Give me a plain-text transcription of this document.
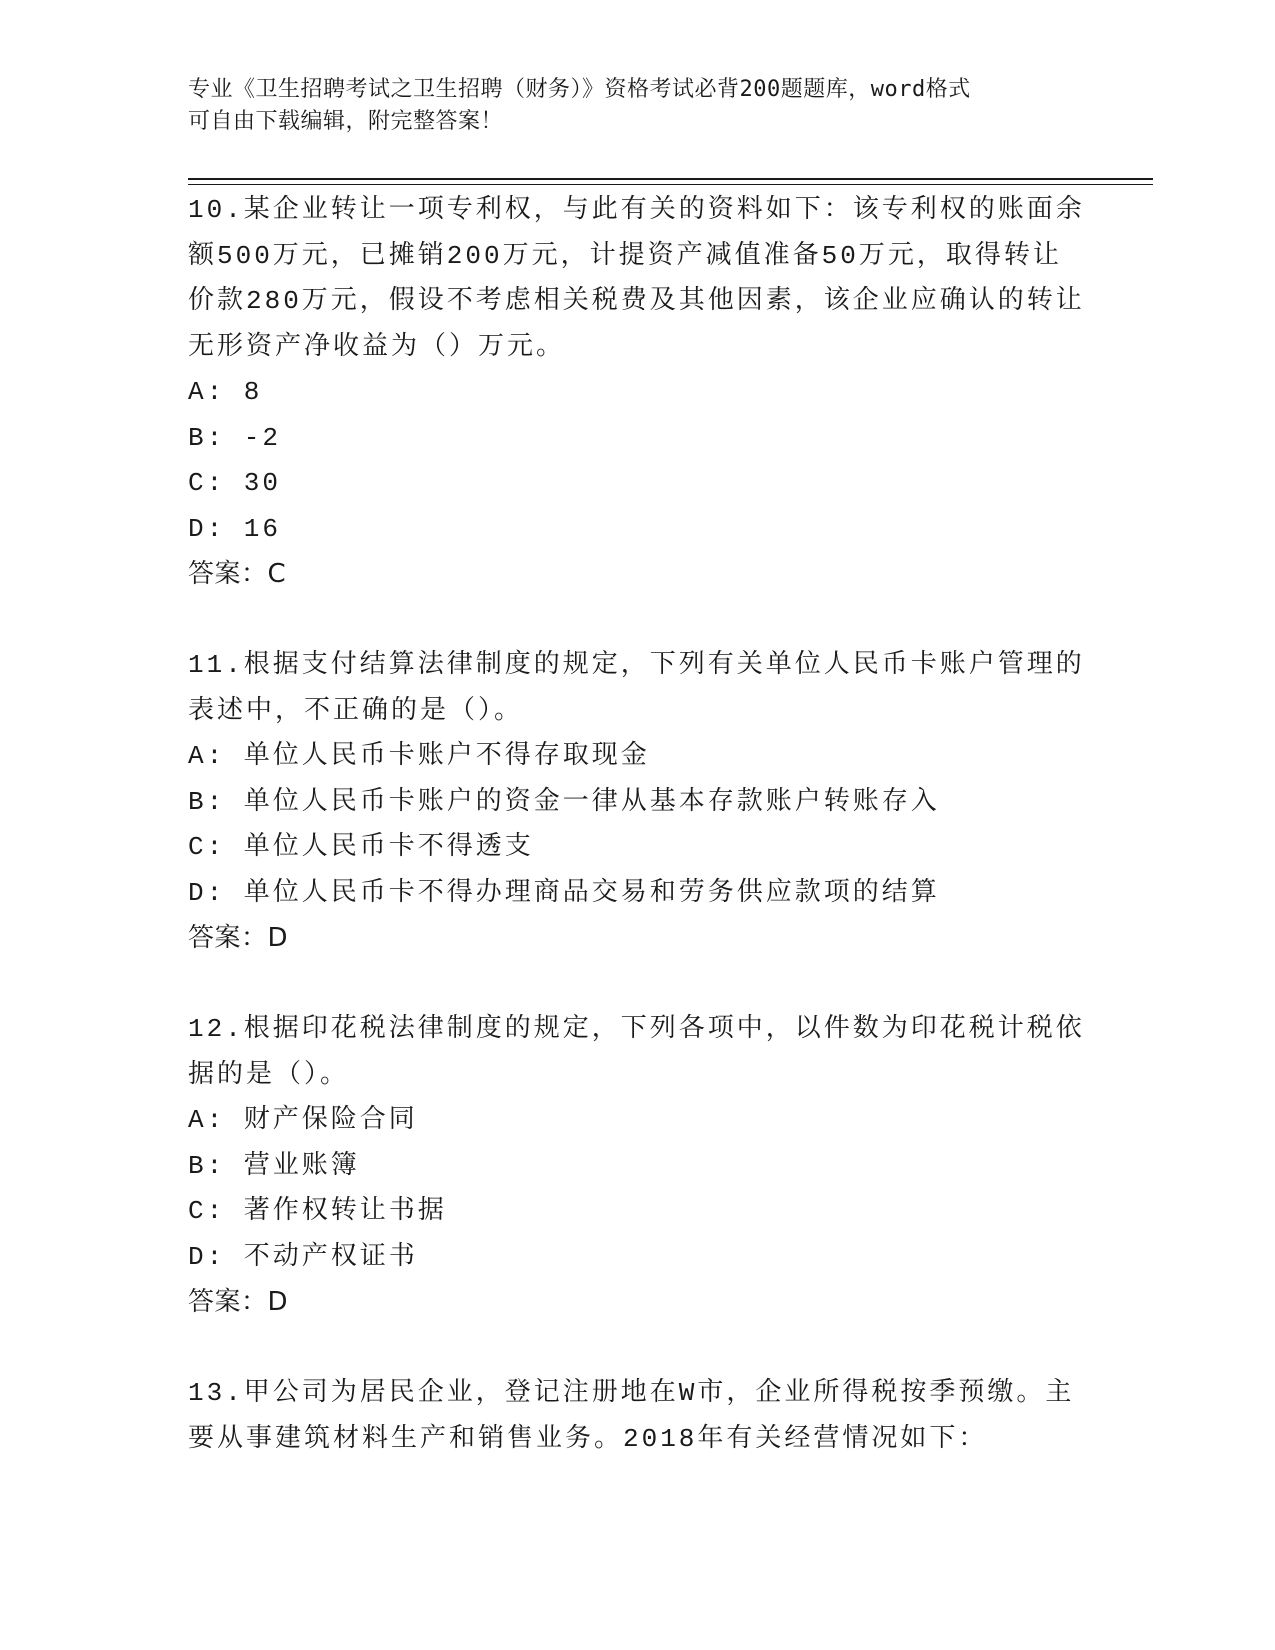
专业《卫生招聘考试之卫生招聘（财务）》资格考试必背200题题库，word格式
可自由下载编辑，附完整答案！
10.某企业转让一项专利权，与此有关的资料如下：该专利权的账面余额500万元，已摊销200万元，计提资产减值准备50万元，取得转让价款280万元，假设不考虑相关税费及其他因素，该企业应确认的转让无形资产净收益为（）万元。
A: 8
B: -2
C: 30
D: 16
答案：C
11.根据支付结算法律制度的规定，下列有关单位人民币卡账户管理的表述中，不正确的是（）。
A: 单位人民币卡账户不得存取现金
B: 单位人民币卡账户的资金一律从基本存款账户转账存入
C: 单位人民币卡不得透支
D: 单位人民币卡不得办理商品交易和劳务供应款项的结算
答案：D
12.根据印花税法律制度的规定，下列各项中，以件数为印花税计税依据的是（）。
A: 财产保险合同
B: 营业账簿
C: 著作权转让书据
D: 不动产权证书
答案：D
13.甲公司为居民企业，登记注册地在W市，企业所得税按季预缴。主要从事建筑材料生产和销售业务。2018年有关经营情况如下：
